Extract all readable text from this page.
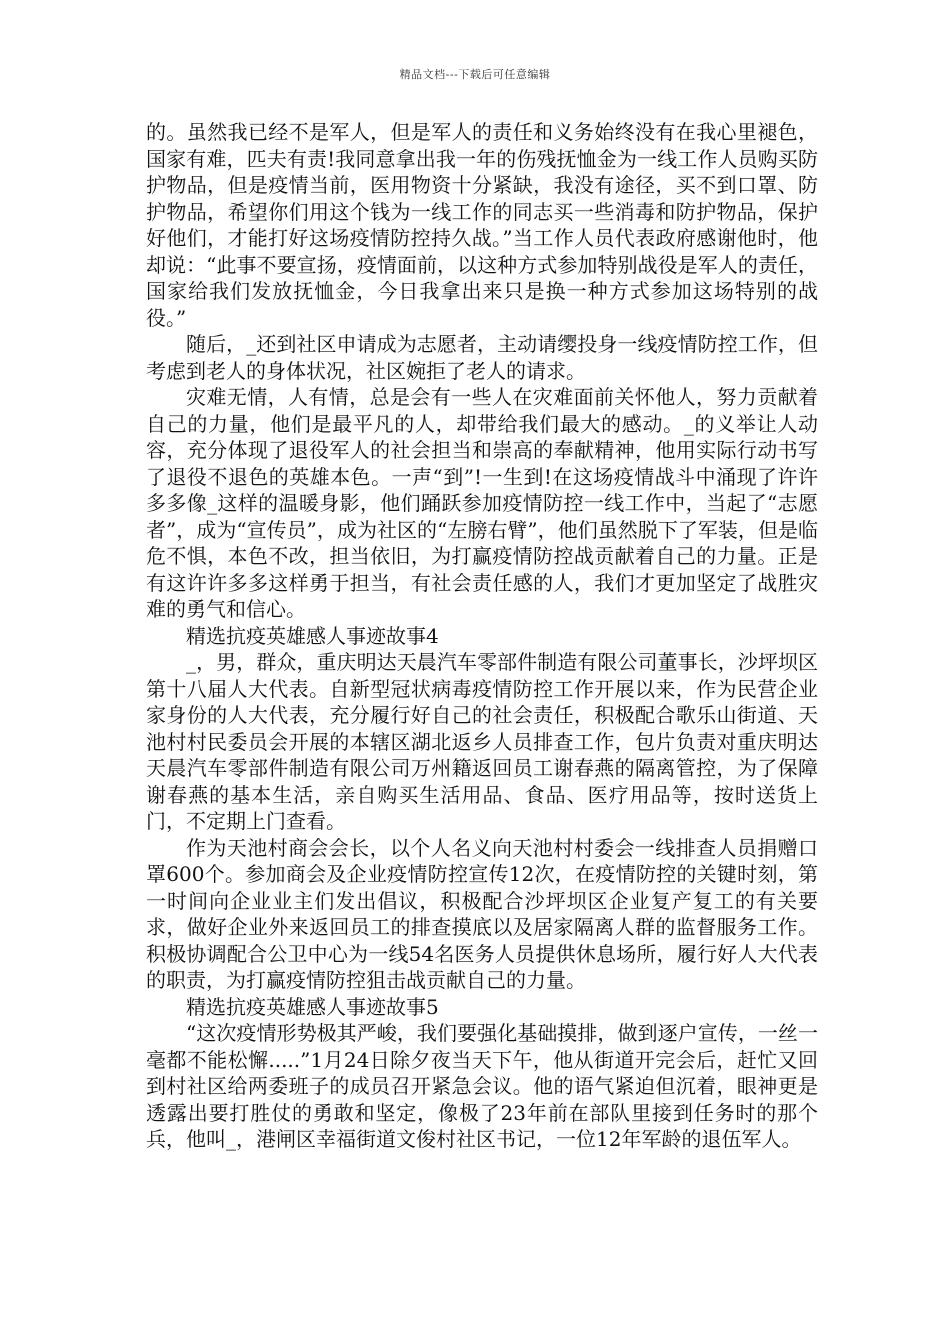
精品文档---下载后可任意编辑

的。虽然我已经不是军人，但是军人的责任和义务始终没有在我心里褪色，国家有难，匹夫有责!我同意拿出我一年的伤残抚恤金为一线工作人员购买防护物品，但是疫情当前，医用物资十分紧缺，我没有途径，买不到口罩、防护物品，希望你们用这个钱为一线工作的同志买一些消毒和防护物品，保护好他们，才能打好这场疫情防控持久战。”当工作人员代表政府感谢他时，他却说：“此事不要宣扬，疫情面前，以这种方式参加特别战役是军人的责任，国家给我们发放抚恤金，今日我拿出来只是换一种方式参加这场特别的战役。”

随后，_还到社区申请成为志愿者，主动请缨投身一线疫情防控工作，但考虑到老人的身体状况，社区婉拒了老人的请求。

灾难无情，人有情，总是会有一些人在灾难面前关怀他人，努力贡献着自己的力量，他们是最平凡的人，却带给我们最大的感动。_的义举让人动容，充分体现了退役军人的社会担当和崇高的奉献精神，他用实际行动书写了退役不退色的英雄本色。一声“到”!一生到!在这场疫情战斗中涌现了许许多多像_这样的温暖身影，他们踊跃参加疫情防控一线工作中，当起了“志愿者”，成为“宣传员”，成为社区的“左膀右臂”，他们虽然脱下了军装，但是临危不惧，本色不改，担当依旧，为打赢疫情防控战贡献着自己的力量。正是有这许许多多这样勇于担当，有社会责任感的人，我们才更加坚定了战胜灾难的勇气和信心。

精选抗疫英雄感人事迹故事4

_，男，群众，重庆明达天晨汽车零部件制造有限公司董事长，沙坪坝区第十八届人大代表。自新型冠状病毒疫情防控工作开展以来，作为民营企业家身份的人大代表，充分履行好自己的社会责任，积极配合歌乐山街道、天池村村民委员会开展的本辖区湖北返乡人员排查工作，包片负责对重庆明达天晨汽车零部件制造有限公司万州籍返回员工谢春燕的隔离管控，为了保障谢春燕的基本生活，亲自购买生活用品、食品、医疗用品等，按时送货上门，不定期上门查看。

作为天池村商会会长，以个人名义向天池村村委会一线排查人员捐赠口罩600个。参加商会及企业疫情防控宣传12次，在疫情防控的关键时刻，第一时间向企业业主们发出倡议，积极配合沙坪坝区企业复产复工的有关要求，做好企业外来返回员工的排查摸底以及居家隔离人群的监督服务工作。积极协调配合公卫中心为一线54名医务人员提供休息场所，履行好人大代表的职责，为打赢疫情防控狙击战贡献自己的力量。

精选抗疫英雄感人事迹故事5

“这次疫情形势极其严峻，我们要强化基础摸排，做到逐户宣传，一丝一毫都不能松懈.....”1月24日除夕夜当天下午，他从街道开完会后，赶忙又回到村社区给两委班子的成员召开紧急会议。他的语气紧迫但沉着，眼神更是透露出要打胜仗的勇敢和坚定，像极了23年前在部队里接到任务时的那个兵，他叫_，港闸区幸福街道文俊村社区书记，一位12年军龄的退伍军人。
